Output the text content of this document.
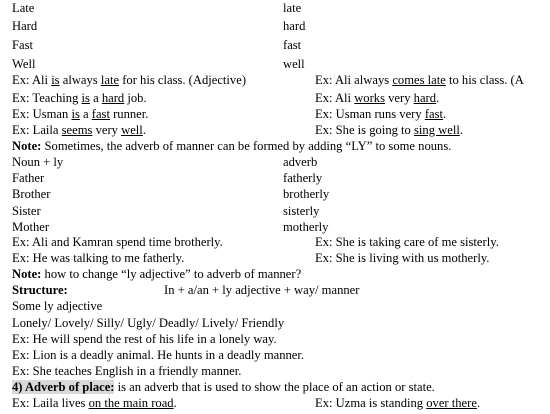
Late	late
Hard	hard
Fast	fast
Well	well
Ex: Ali is always late for his class. (Adjective)	Ex: Ali always comes late to his class. (A
Ex: Teaching is a hard job.	Ex: Ali works very hard.
Ex: Usman is a fast runner.	Ex: Usman runs very fast.
Ex: Laila seems very well.	Ex: She is going to sing well.
Note: Sometimes, the adverb of manner can be formed by adding “LY” to some nouns.
Noun + ly	adverb
Father	fatherly
Brother	brotherly
Sister	sisterly
Mother	motherly
Ex: Ali and Kamran spend time brotherly.	Ex: She is taking care of me sisterly.
Ex: He was talking to me fatherly.	Ex: She is living with us motherly.
Note: how to change “ly adjective” to adverb of manner?
Structure:	In + a/an + ly adjective + way/ manner
Some ly adjective
Lonely/ Lovely/ Silly/ Ugly/ Deadly/ Lively/ Friendly
Ex: He will spend the rest of his life in a lonely way.
Ex: Lion is a deadly animal. He hunts in a deadly manner.
Ex: She teaches English in a friendly manner.
4) Adverb of place: is an adverb that is used to show the place of an action or state.
Ex: Laila lives on the main road.	Ex: Uzma is standing over there.
